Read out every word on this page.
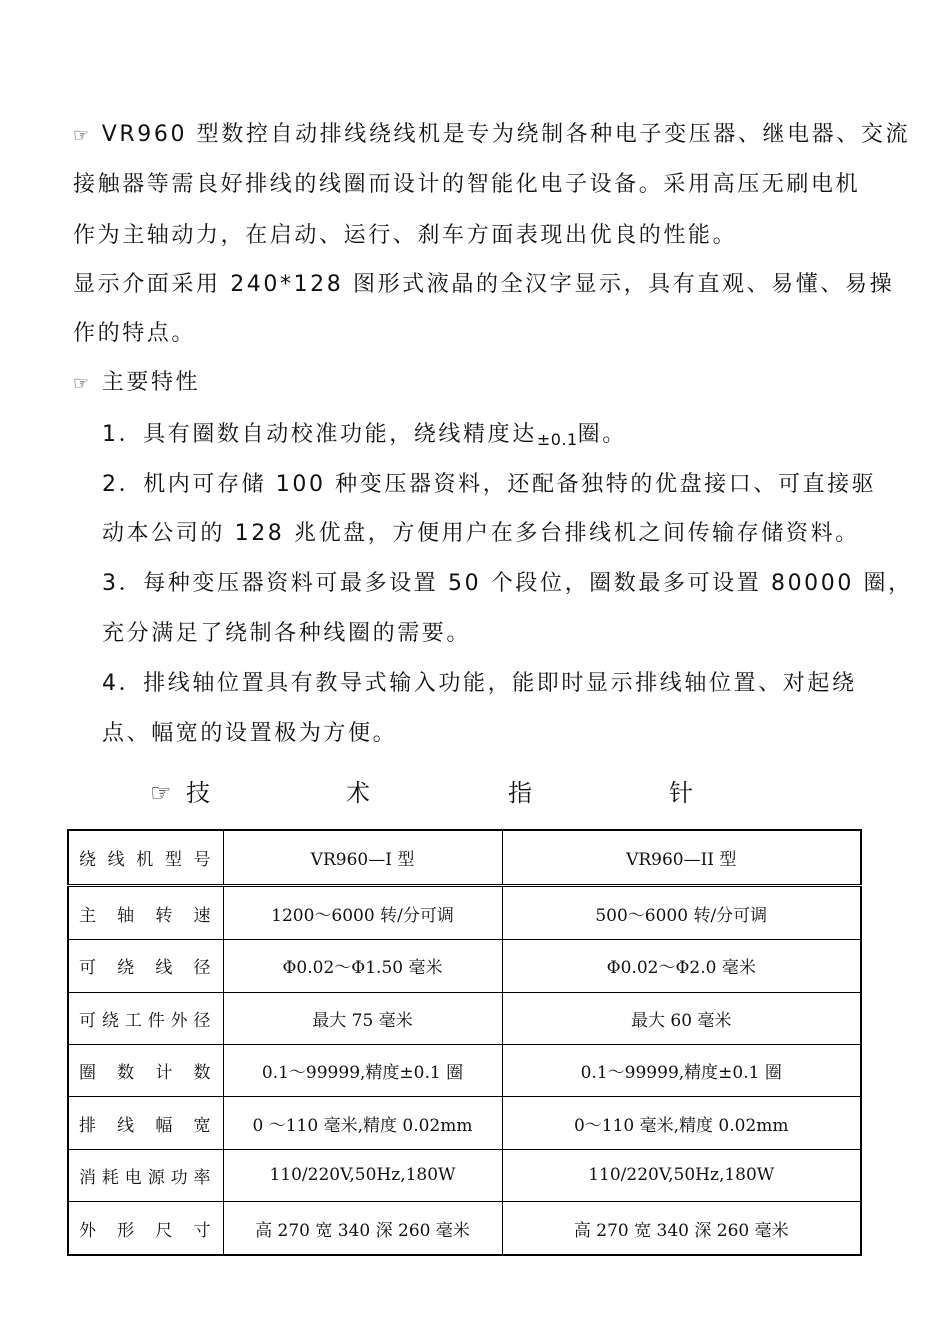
☞ VR960 型数控自动排线绕线机是专为绕制各种电子变压器、继电器、交流
接触器等需良好排线的线圈而设计的智能化电子设备。采用高压无刷电机
作为主轴动力，在启动、运行、刹车方面表现出优良的性能。
显示介面采用 240*128 图形式液晶的全汉字显示，具有直观、易懂、易操
作的特点。
☞ 主要特性
1．具有圈数自动校准功能，绕线精度达±0.1圈。
2．机内可存储 100 种变压器资料，还配备独特的优盘接口、可直接驱
动本公司的 128 兆优盘，方便用户在多台排线机之间传输存储资料。
3．每种变压器资料可最多设置 50 个段位，圈数最多可设置 80000 圈，
充分满足了绕制各种线圈的需要。
4．排线轴位置具有教导式输入功能，能即时显示排线轴位置、对起绕
点、幅宽的设置极为方便。
☞ 技	术	指	针
绕线机型号	VR960—I 型	VR960—II 型
主 轴 转 速	1200～6000 转/分可调	500～6000 转/分可调
可 绕 线 径	Φ0.02～Φ1.50 毫米	Φ0.02～Φ2.0 毫米
可绕工件外径	最大 75 毫米	最大 60 毫米
圈 数 计 数	0.1～99999,精度±0.1 圈	0.1～99999,精度±0.1 圈
排 线 幅 宽	0 ～110 毫米,精度 0.02mm	0～110 毫米,精度 0.02mm
消耗电源功率	110/220V,50Hz,180W	110/220V,50Hz,180W
外 形 尺 寸	高 270 宽 340 深 260 毫米	高 270 宽 340 深 260 毫米
